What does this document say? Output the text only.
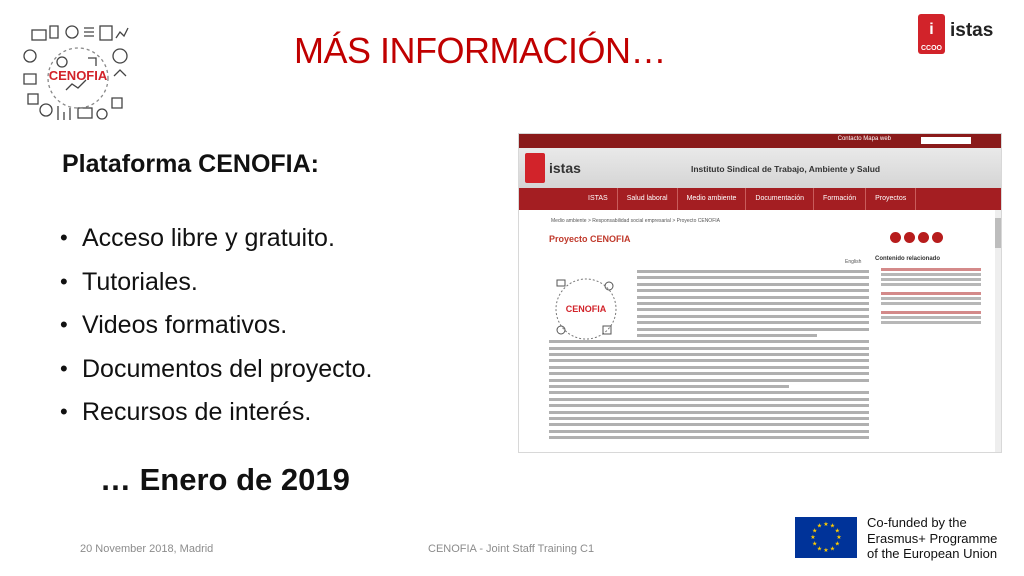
CENOFIA
MÁS INFORMACIÓN…
i
CCOO
istas
Plataforma CENOFIA:
• Acceso libre y gratuito.
• Tutoriales.
• Videos formativos.
• Documentos del proyecto.
• Recursos de interés.
… Enero de 2019
Contacto Mapa web
istas	Instituto Sindical de Trabajo, Ambiente y Salud
ISTAS	Salud laboral	Medio ambiente	Documentación	Formación	Proyectos
Medio ambiente > Responsabilidad social empresarial > Proyecto CENOFIA
Proyecto CENOFIA
English Contenido relacionado
CENOFIA
20 November 2018, Madrid	CENOFIA - Joint Staff Training C1
★ ★
★
★
★
★
★
★
★
★
★
★	Co-funded by the
Erasmus+ Programme
of the European Union
